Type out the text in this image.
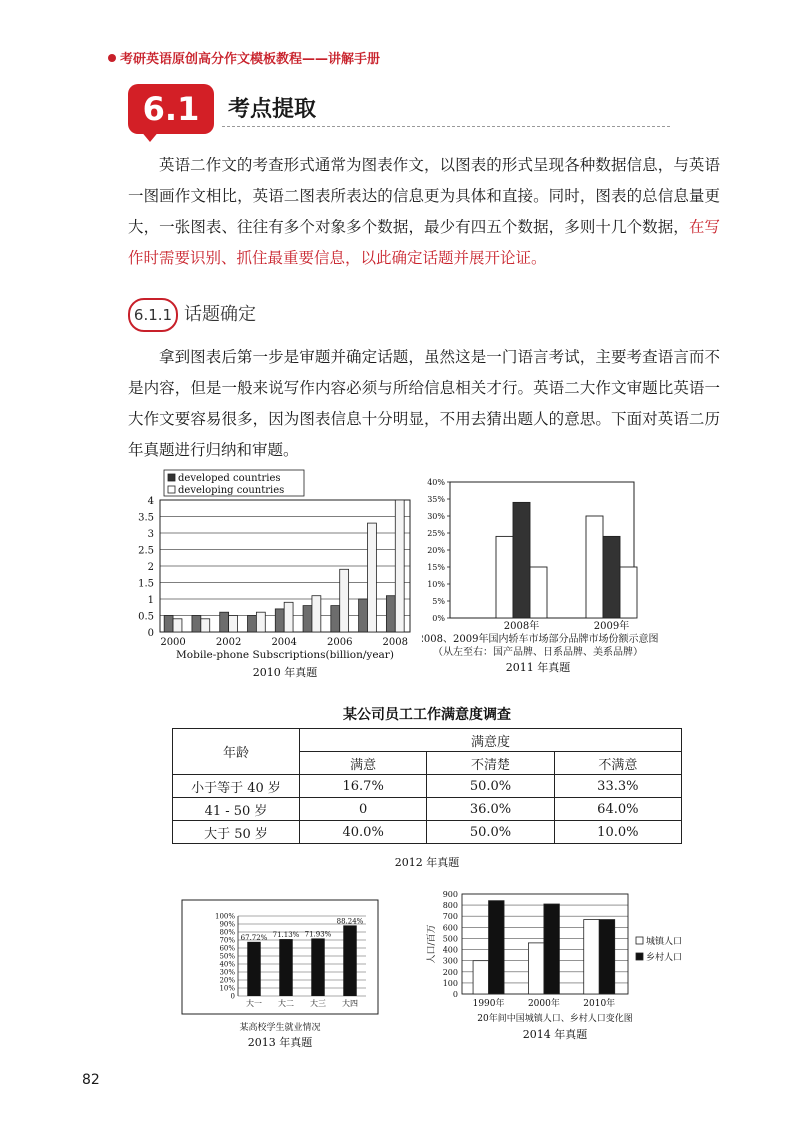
考研英语原创高分作文模板教程——讲解手册
6.1	考点提取
英语二作文的考查形式通常为图表作文，以图表的形式呈现各种数据信息，与英语一图画作文相比，英语二图表所表达的信息更为具体和直接。同时，图表的总信息量更大，一张图表、往往有多个对象多个数据，最少有四五个数据，多则十几个数据，在写作时需要识别、抓住最重要信息，以此确定话题并展开论证。
6.1.1 话题确定
拿到图表后第一步是审题并确定话题，虽然这是一门语言考试，主要考查语言而不是内容，但是一般来说写作内容必须与所给信息相关才行。英语二大作文审题比英语一大作文要容易很多，因为图表信息十分明显，不用去猜出题人的意思。下面对英语二历年真题进行归纳和审题。
0
0.5
1
1.5
2
2.5
3
3.5
4
2000	2002	2004	2006	2008
developed countries
developing countries
Mobile-phone Subscriptions(billion/year)
2010 年真题
0%
5%
10%
15%
20%
25%
30%
35%
40%
2008年	2009年
2008、2009年国内轿车市场部分品牌市场份额示意图
（从左至右：国产品牌、日系品牌、美系品牌）
2011 年真题
某公司员工工作满意度调查
年龄	满意度		
	满意	不清楚	不满意
小于等于 40 岁	16.7%	50.0%	33.3%
41 - 50 岁	0	36.0%	64.0%
大于 50 岁	40.0%	50.0%	10.0%
2012 年真题
0
10%
20%
30%
40%
50%
60%
70%
80%
90%
100%
67.72%
大一
71.13%
大二
71.93%
大三
88.24%
大四
某高校学生就业情况
2013 年真题
0
100
200
300
400
500
600
700
800
900
1990年	2000年	2010年
人口/百万	城镇人口
乡村人口
20年间中国城镇人口、乡村人口变化图
2014 年真题
82
